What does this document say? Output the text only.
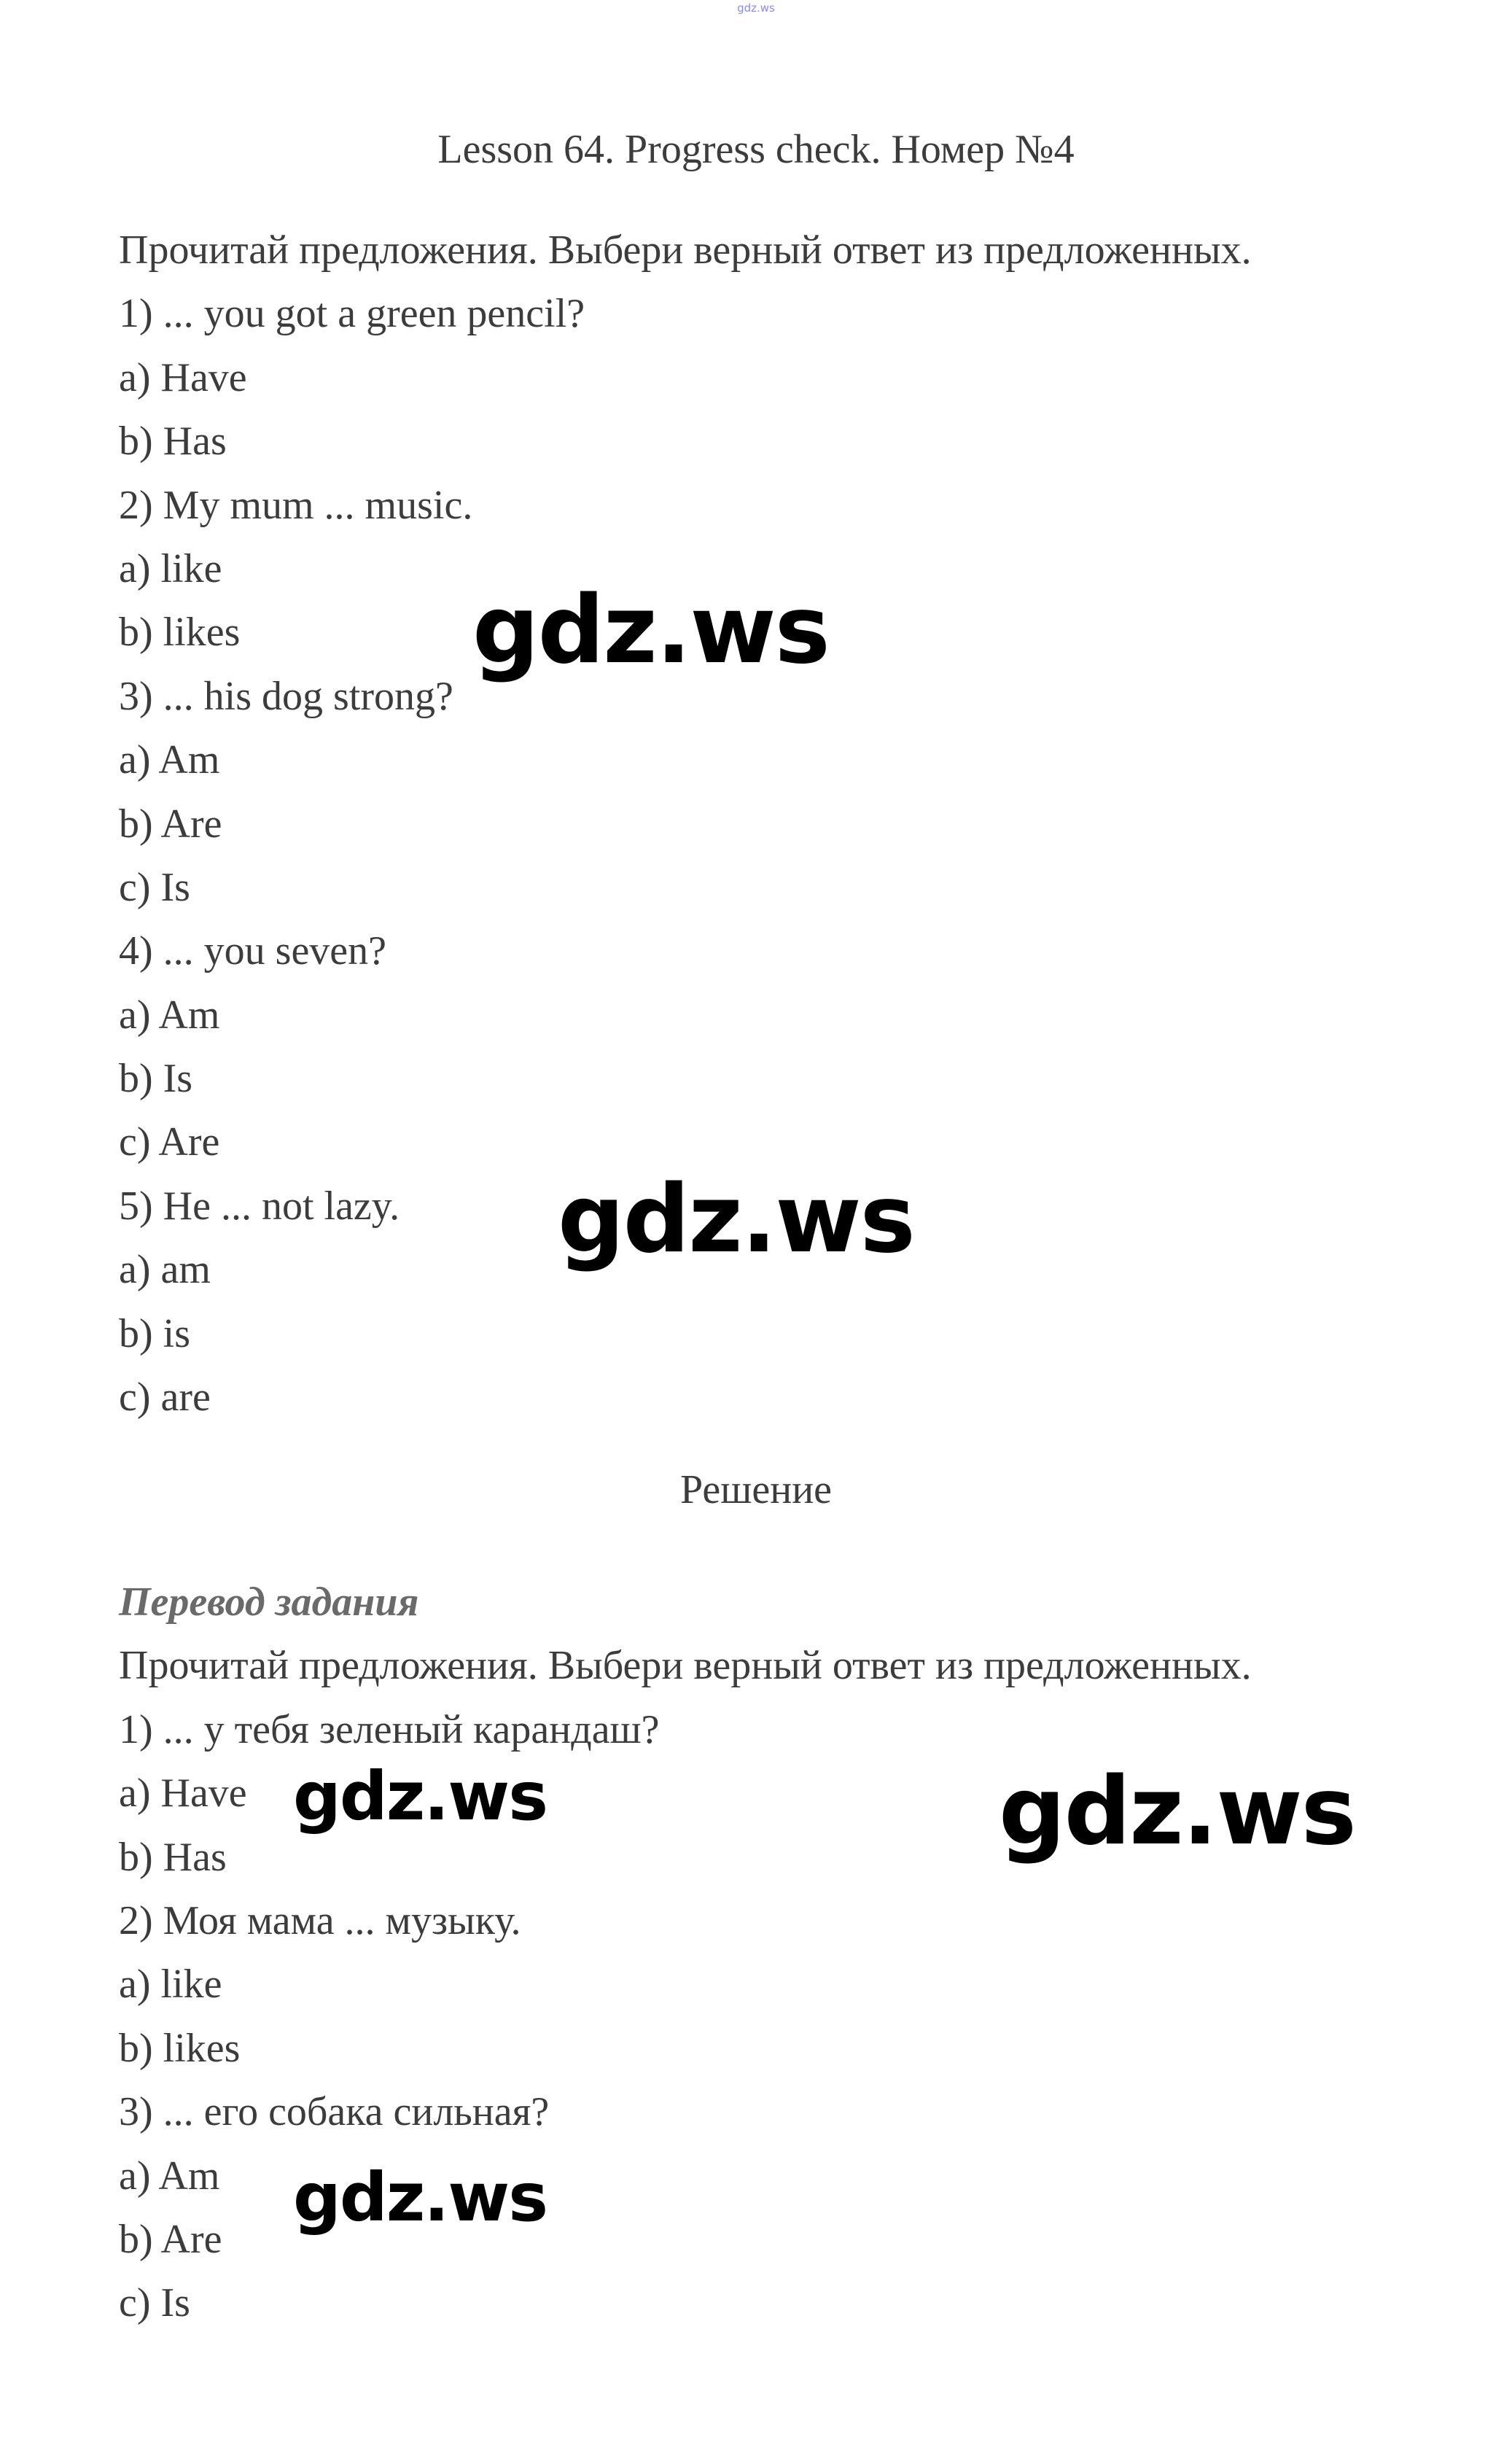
gdz.ws
Lesson 64. Progress check. Номер №4
Прочитай предложения. Выбери верный ответ из предложенных.
1) ... you got a green pencil?
a) Have
b) Has
2) My mum ... music.
a) like
b) likes
3) ... his dog strong?
a) Am
b) Are
c) Is
4) ... you seven?
a) Am
b) Is
c) Are
5) He ... not lazy.
a) am
b) is
c) are
Решение
Перевод задания
Прочитай предложения. Выбери верный ответ из предложенных.
1) ... у тебя зеленый карандаш?
a) Have
b) Has
2) Моя мама ... музыку.
a) like
b) likes
3) ... его собака сильная?
a) Am
b) Are
c) Is
gdz.ws
gdz.ws
gdz.ws	gdz.ws
gdz.ws
